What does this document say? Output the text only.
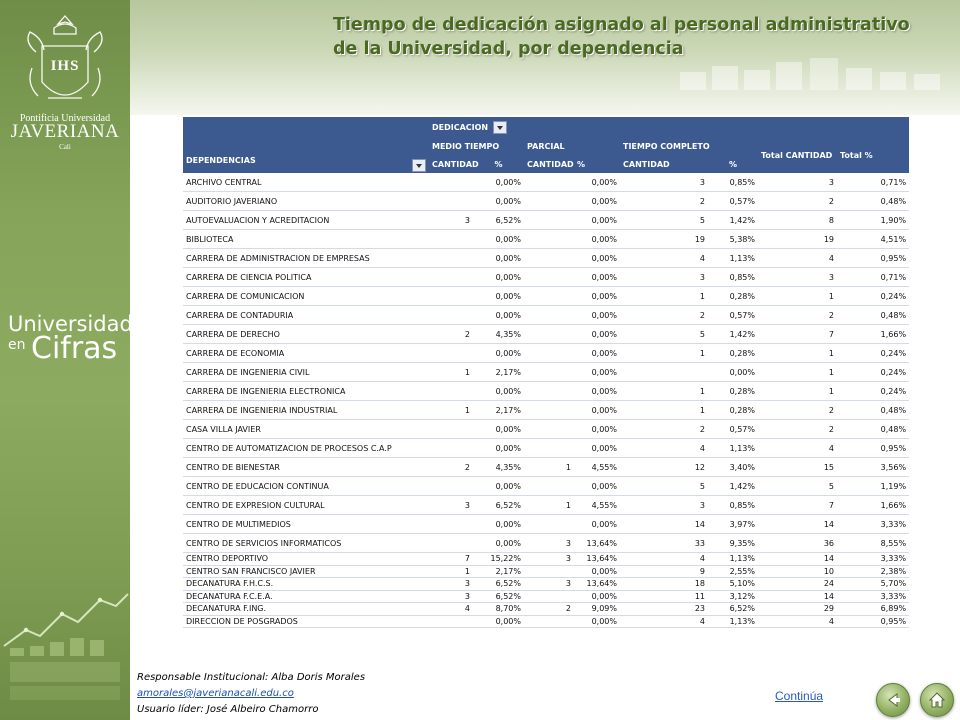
IHS
Pontificia Universidad
JAVERIANA
Cali
Universidad
en Cifras
Tiempo de dedicación asignado al personal administrativo
de la Universidad, por dependencia
	DEDICACION							
	MEDIO TIEMPO		PARCIAL		TIEMPO COMPLETO		Total CANTIDAD	Total %
DEPENDENCIAS	CANTIDAD	%	CANTIDAD	%	CANTIDAD	%		
ARCHIVO CENTRAL		0,00%		0,00%	3	0,85%	3	0,71%
AUDITORIO JAVERIANO		0,00%		0,00%	2	0,57%	2	0,48%
AUTOEVALUACION Y ACREDITACION	3	6,52%		0,00%	5	1,42%	8	1,90%
BIBLIOTECA		0,00%		0,00%	19	5,38%	19	4,51%
CARRERA DE ADMINISTRACION DE EMPRESAS		0,00%		0,00%	4	1,13%	4	0,95%
CARRERA DE CIENCIA POLITICA		0,00%		0,00%	3	0,85%	3	0,71%
CARRERA DE COMUNICACION		0,00%		0,00%	1	0,28%	1	0,24%
CARRERA DE CONTADURIA		0,00%		0,00%	2	0,57%	2	0,48%
CARRERA DE DERECHO	2	4,35%		0,00%	5	1,42%	7	1,66%
CARRERA DE ECONOMIA		0,00%		0,00%	1	0,28%	1	0,24%
CARRERA DE INGENIERIA CIVIL	1	2,17%		0,00%		0,00%	1	0,24%
CARRERA DE INGENIERIA ELECTRONICA		0,00%		0,00%	1	0,28%	1	0,24%
CARRERA DE INGENIERIA INDUSTRIAL	1	2,17%		0,00%	1	0,28%	2	0,48%
CASA VILLA JAVIER		0,00%		0,00%	2	0,57%	2	0,48%
CENTRO DE AUTOMATIZACION DE PROCESOS C.A.P		0,00%		0,00%	4	1,13%	4	0,95%
CENTRO DE BIENESTAR	2	4,35%	1	4,55%	12	3,40%	15	3,56%
CENTRO DE EDUCACION CONTINUA		0,00%		0,00%	5	1,42%	5	1,19%
CENTRO DE EXPRESION CULTURAL	3	6,52%	1	4,55%	3	0,85%	7	1,66%
CENTRO DE MULTIMEDIOS		0,00%		0,00%	14	3,97%	14	3,33%
CENTRO DE SERVICIOS INFORMATICOS		0,00%	3	13,64%	33	9,35%	36	8,55%
CENTRO DEPORTIVO	7	15,22%	3	13,64%	4	1,13%	14	3,33%
CENTRO SAN FRANCISCO JAVIER	1	2,17%		0,00%	9	2,55%	10	2,38%
DECANATURA F.H.C.S.	3	6,52%	3	13,64%	18	5,10%	24	5,70%
DECANATURA F.C.E.A.	3	6,52%		0,00%	11	3,12%	14	3,33%
DECANATURA F.ING.	4	8,70%	2	9,09%	23	6,52%	29	6,89%
DIRECCION DE POSGRADOS		0,00%		0,00%	4	1,13%	4	0,95%
Responsable Institucional: Alba Doris Morales
amorales@javerianacali.edu.co
Usuario líder: José Albeiro Chamorro
Continúa
